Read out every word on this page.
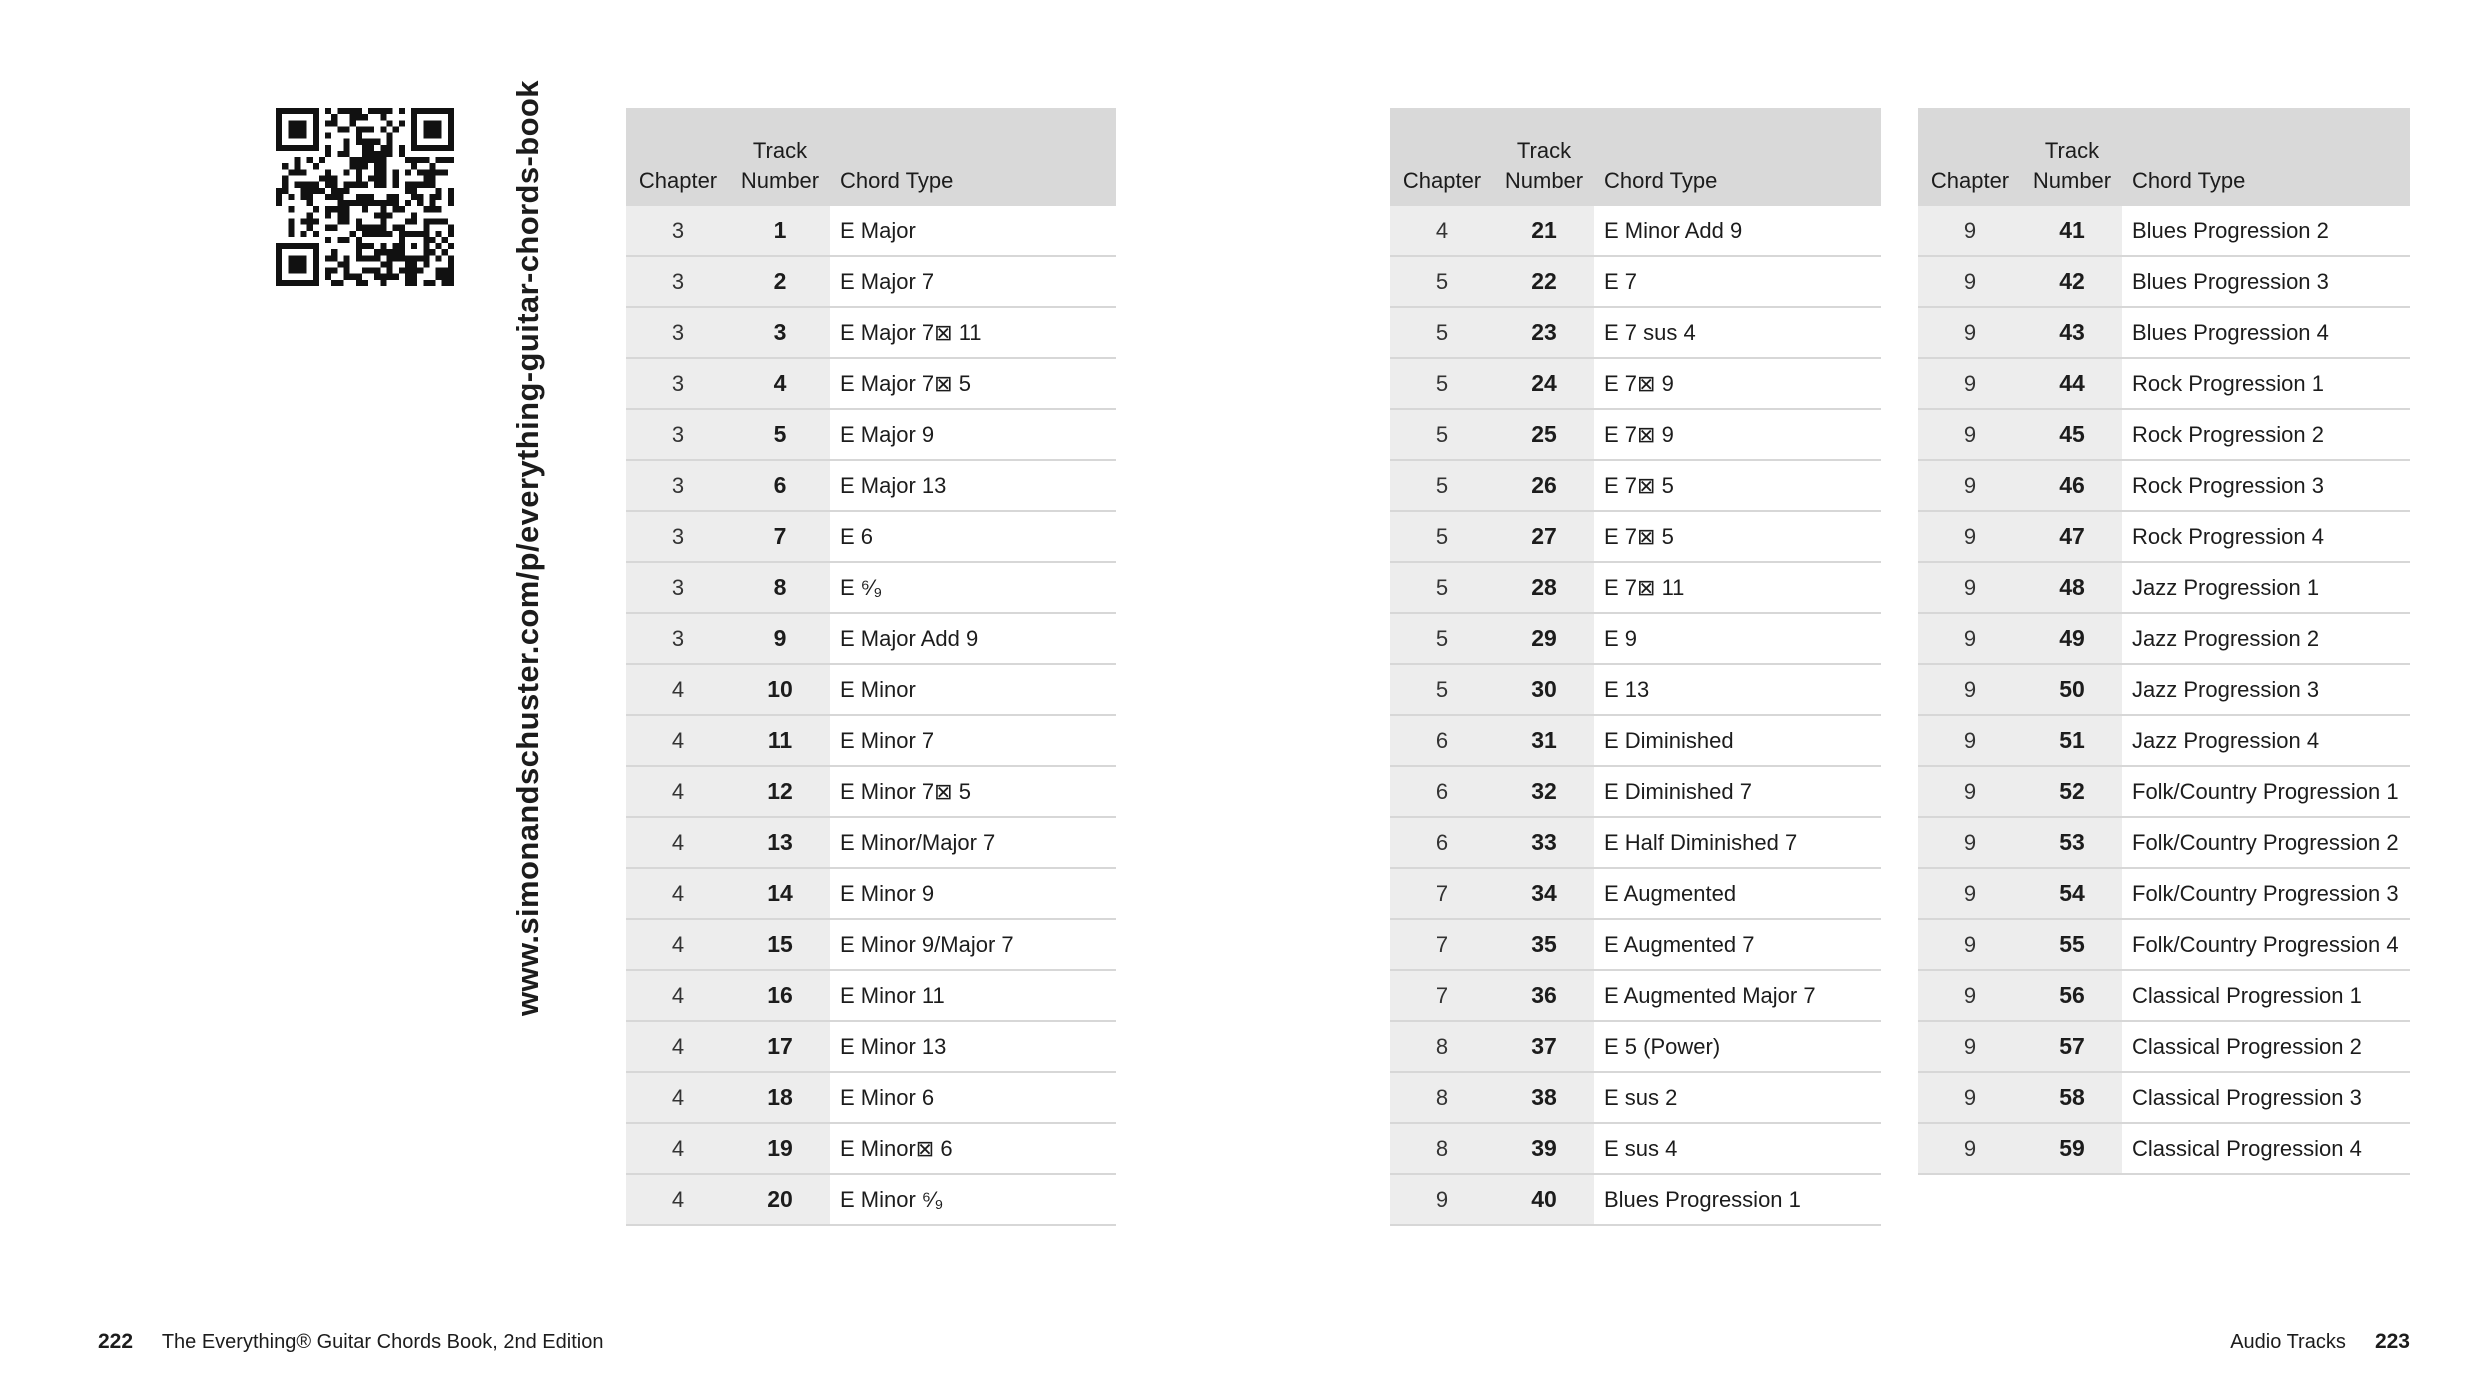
www.simonandschuster.com/p/everything-guitar-chords-book	Chapter	Track
Number	Chord Type
3	1	E Major
3	2	E Major 7
3	3	E Major 7⊠ 11
3	4	E Major 7⊠ 5
3	5	E Major 9
3	6	E Major 13
3	7	E 6
3	8	E ⁶⁄₉
3	9	E Major Add 9
4	10	E Minor
4	11	E Minor 7
4	12	E Minor 7⊠ 5
4	13	E Minor/Major 7
4	14	E Minor 9
4	15	E Minor 9/Major 7
4	16	E Minor 11
4	17	E Minor 13
4	18	E Minor 6
4	19	E Minor⊠ 6
4	20	E Minor ⁶⁄₉
Chapter	Track
Number	Chord Type
4	21	E Minor Add 9
5	22	E 7
5	23	E 7 sus 4
5	24	E 7⊠ 9
5	25	E 7⊠ 9
5	26	E 7⊠ 5
5	27	E 7⊠ 5
5	28	E 7⊠ 11
5	29	E 9
5	30	E 13
6	31	E Diminished
6	32	E Diminished 7
6	33	E Half Diminished 7
7	34	E Augmented
7	35	E Augmented 7
7	36	E Augmented Major 7
8	37	E 5 (Power)
8	38	E sus 2
8	39	E sus 4
9	40	Blues Progression 1
Chapter	Track
Number	Chord Type
9	41	Blues Progression 2
9	42	Blues Progression 3
9	43	Blues Progression 4
9	44	Rock Progression 1
9	45	Rock Progression 2
9	46	Rock Progression 3
9	47	Rock Progression 4
9	48	Jazz Progression 1
9	49	Jazz Progression 2
9	50	Jazz Progression 3
9	51	Jazz Progression 4
9	52	Folk/Country Progression 1
9	53	Folk/Country Progression 2
9	54	Folk/Country Progression 3
9	55	Folk/Country Progression 4
9	56	Classical Progression 1
9	57	Classical Progression 2
9	58	Classical Progression 3
9	59	Classical Progression 4
222 The Everything® Guitar Chords Book, 2nd Edition	Audio Tracks 223
